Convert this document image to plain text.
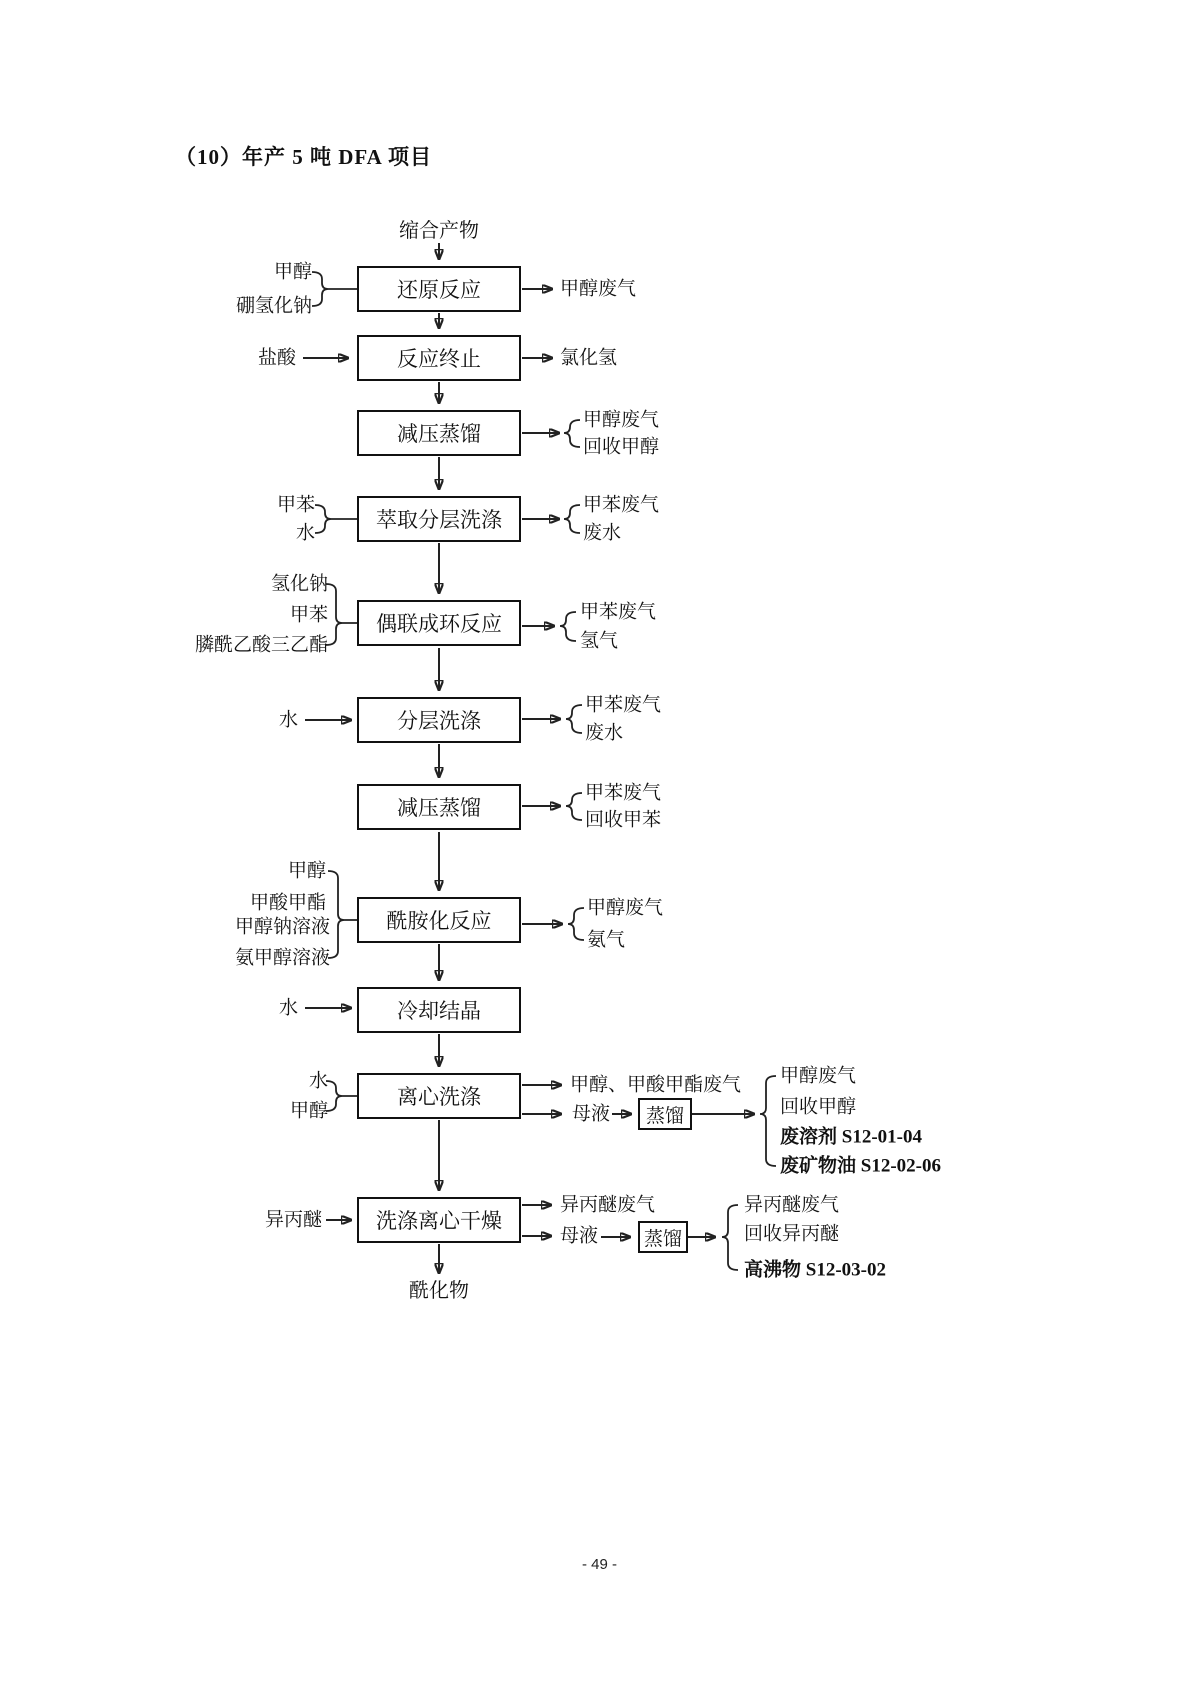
（10）年产 5 吨 DFA 项目
缩合产物
酰化物
还原反应
反应终止
减压蒸馏
萃取分层洗涤
偶联成环反应
分层洗涤
减压蒸馏
酰胺化反应
冷却结晶
离心洗涤
洗涤离心干燥
蒸馏
蒸馏
甲醇
硼氢化钠
盐酸
甲苯
水
氢化钠
甲苯
膦酰乙酸三乙酯
水
甲醇
甲酸甲酯
甲醇钠溶液
氨甲醇溶液
水
水
甲醇
异丙醚
甲醇废气
氯化氢
甲醇废气
回收甲醇
甲苯废气
废水
甲苯废气
氢气
甲苯废气
废水
甲苯废气
回收甲苯
甲醇废气
氨气
甲醇、甲酸甲酯废气
母液
甲醇废气
回收甲醇
废溶剂 S12-01-04
废矿物油 S12-02-06
异丙醚废气
母液
异丙醚废气
回收异丙醚
高沸物 S12-03-02
- 49 -
